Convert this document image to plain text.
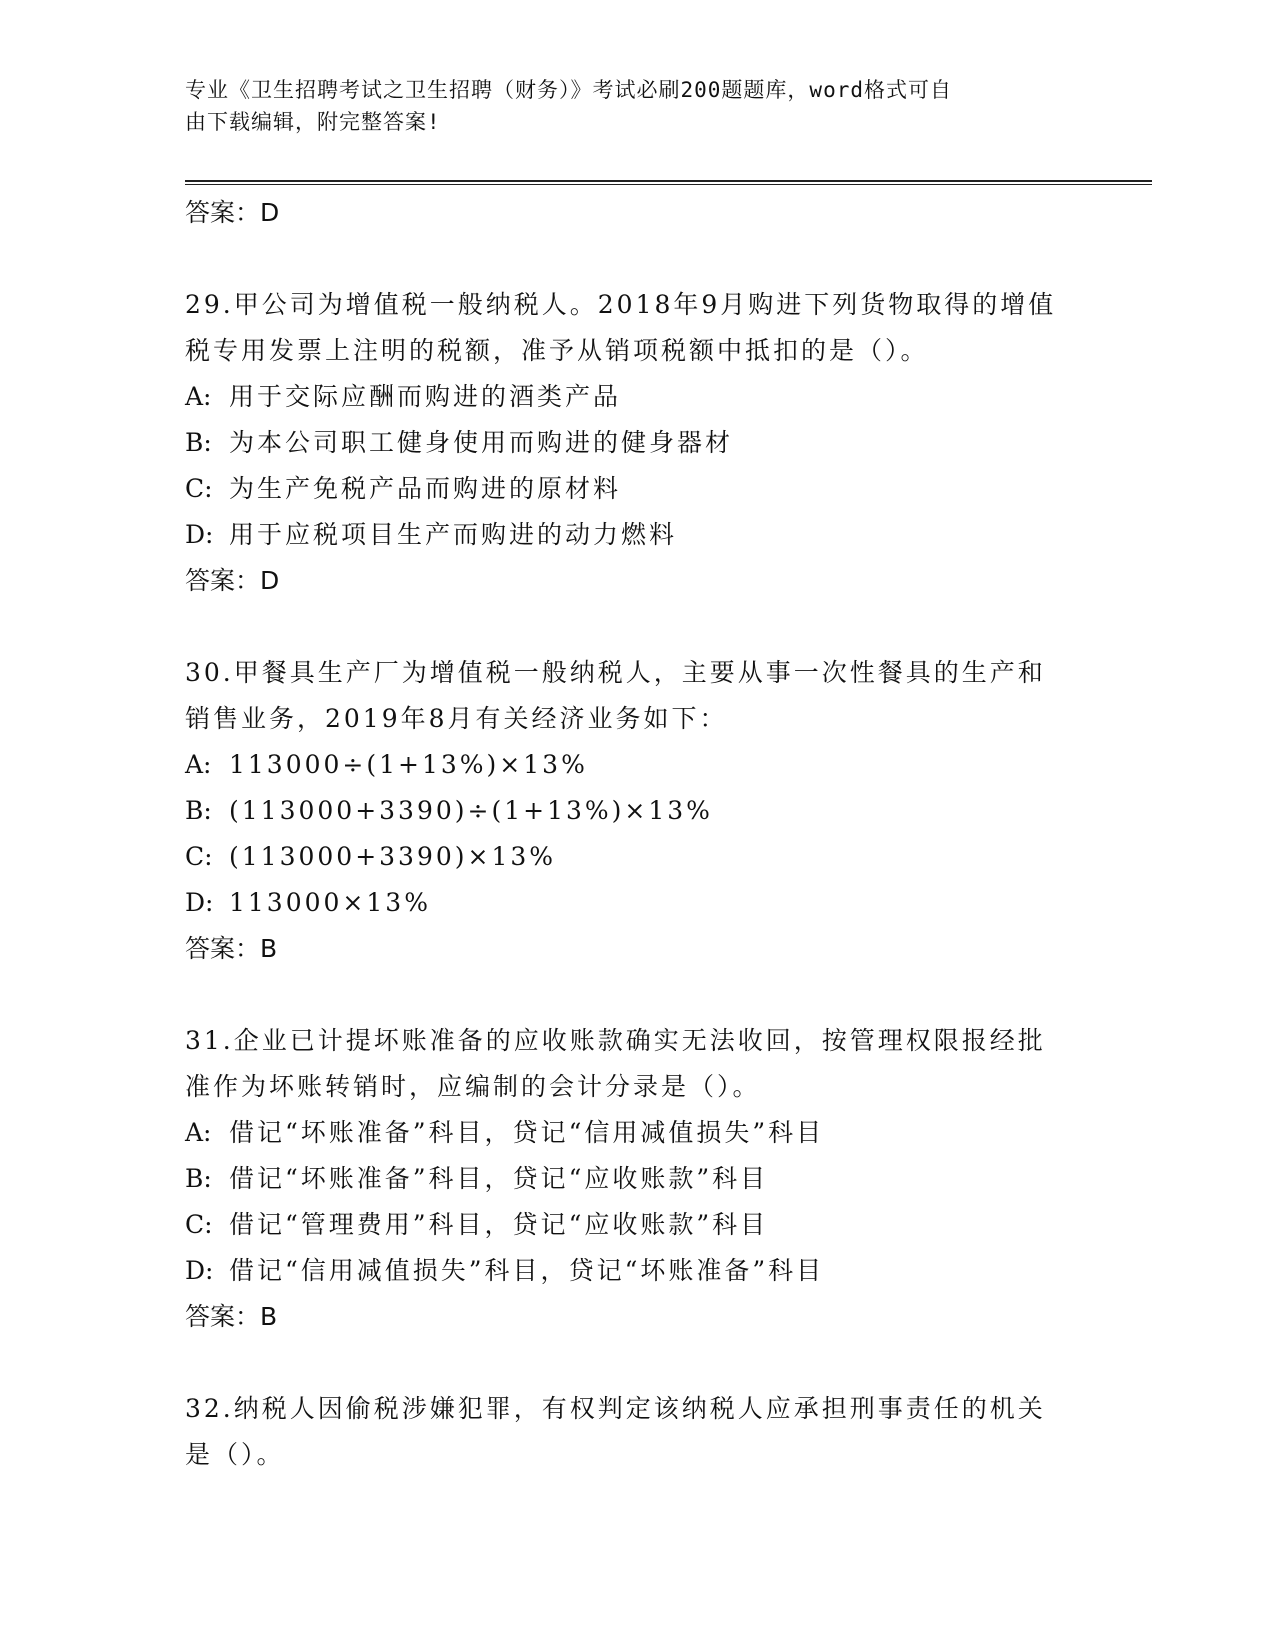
专业《卫生招聘考试之卫生招聘（财务）》考试必刷200题题库，word格式可自
由下载编辑，附完整答案!
答案：D
29.甲公司为增值税一般纳税人。2018年9月购进下列货物取得的增值
税专用发票上注明的税额，准予从销项税额中抵扣的是（）。
A: 用于交际应酬而购进的酒类产品
B: 为本公司职工健身使用而购进的健身器材
C: 为生产免税产品而购进的原材料
D: 用于应税项目生产而购进的动力燃料
答案：D
30.甲餐具生产厂为增值税一般纳税人，主要从事一次性餐具的生产和
销售业务，2019年8月有关经济业务如下：
A: 113000÷(1+13%)×13%
B: (113000+3390)÷(1+13%)×13%
C: (113000+3390)×13%
D: 113000×13%
答案：B
31.企业已计提坏账准备的应收账款确实无法收回，按管理权限报经批
准作为坏账转销时，应编制的会计分录是（）。
A: 借记“坏账准备”科目，贷记“信用减值损失”科目
B: 借记“坏账准备”科目，贷记“应收账款”科目
C: 借记“管理费用”科目，贷记“应收账款”科目
D: 借记“信用减值损失”科目，贷记“坏账准备”科目
答案：B
32.纳税人因偷税涉嫌犯罪，有权判定该纳税人应承担刑事责任的机关
是（）。
